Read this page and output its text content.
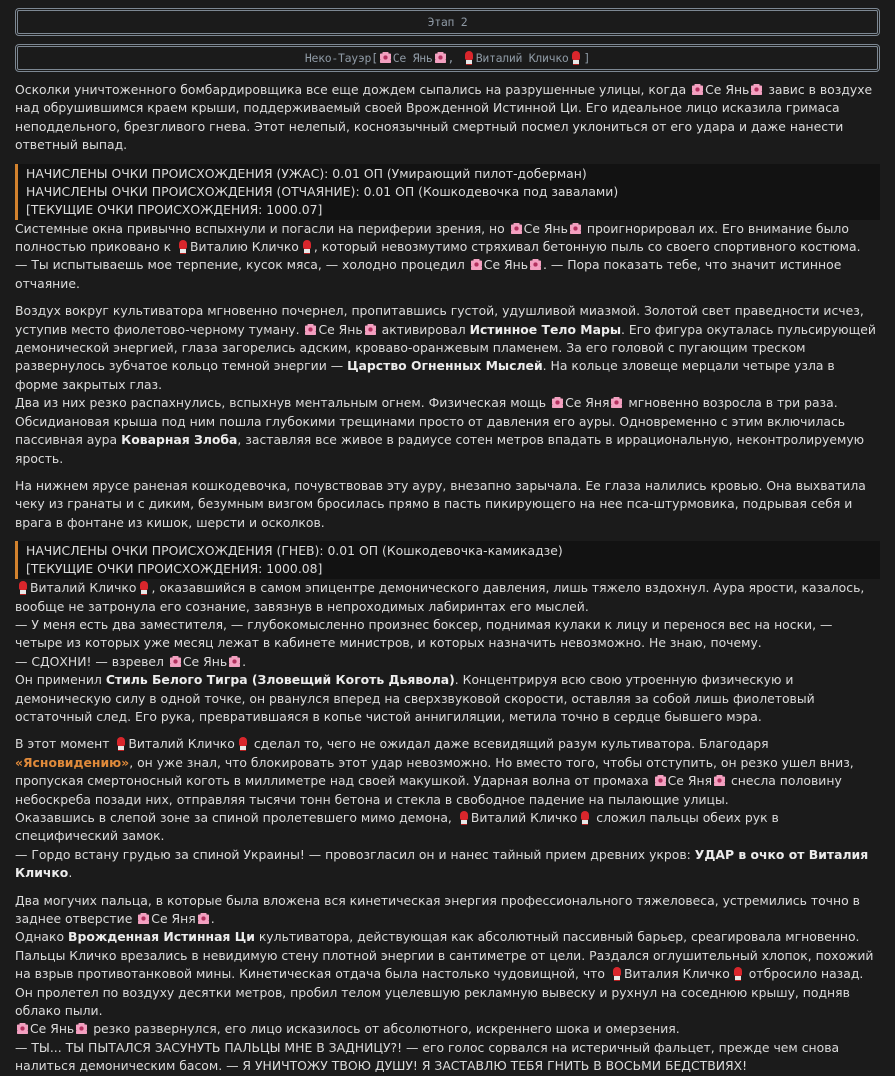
Этап 2
Неко-Тауэр[ Се Янь , Виталий Кличко ]

Осколки уничтоженного бомбардировщика все еще дождем сыпались на разрушенные улицы, когда Се Янь завис в воздухе над обрушившимся краем крыши, поддерживаемый своей Врожденной Истинной Ци. Его идеальное лицо исказила гримаса неподдельного, брезгливого гнева. Этот нелепый, косноязычный смертный посмел уклониться от его удара и даже нанести ответный выпад.

НАЧИСЛЕНЫ ОЧКИ ПРОИСХОЖДЕНИЯ (УЖАС): 0.01 ОП (Умирающий пилот-доберман)
НАЧИСЛЕНЫ ОЧКИ ПРОИСХОЖДЕНИЯ (ОТЧАЯНИЕ): 0.01 ОП (Кошкодевочка под завалами)
[ТЕКУЩИЕ ОЧКИ ПРОИСХОЖДЕНИЯ: 1000.07]

Системные окна привычно вспыхнули и погасли на периферии зрения, но Се Янь проигнорировал их. Его внимание было полностью приковано к Виталию Кличко , который невозмутимо стряхивал бетонную пыль со своего спортивного костюма.
— Ты испытываешь мое терпение, кусок мяса, — холодно процедил Се Янь . — Пора показать тебе, что значит истинное отчаяние.

Воздух вокруг культиватора мгновенно почернел, пропитавшись густой, удушливой миазмой. Золотой свет праведности исчез, уступив место фиолетово-черному туману. Се Янь активировал Истинное Тело Мары. Его фигура окуталась пульсирующей демонической энергией, глаза загорелись адским, кроваво-оранжевым пламенем. За его головой с пугающим треском развернулось зубчатое кольцо темной энергии — Царство Огненных Мыслей. На кольце зловеще мерцали четыре узла в форме закрытых глаз.
Два из них резко распахнулись, вспыхнув ментальным огнем. Физическая мощь Се Яня мгновенно возросла в три раза. Обсидиановая крыша под ним пошла глубокими трещинами просто от давления его ауры. Одновременно с этим включилась пассивная аура Коварная Злоба, заставляя все живое в радиусе сотен метров впадать в иррациональную, неконтролируемую ярость.

На нижнем ярусе раненая кошкодевочка, почувствовав эту ауру, внезапно зарычала. Ее глаза налились кровью. Она выхватила чеку из гранаты и с диким, безумным визгом бросилась прямо в пасть пикирующего на нее пса-штурмовика, подрывая себя и врага в фонтане из кишок, шерсти и осколков.

НАЧИСЛЕНЫ ОЧКИ ПРОИСХОЖДЕНИЯ (ГНЕВ): 0.01 ОП (Кошкодевочка-камикадзе)
[ТЕКУЩИЕ ОЧКИ ПРОИСХОЖДЕНИЯ: 1000.08]

Виталий Кличко , оказавшийся в самом эпицентре демонического давления, лишь тяжело вздохнул. Аура ярости, казалось, вообще не затронула его сознание, завязнув в непроходимых лабиринтах его мыслей.
— У меня есть два заместителя, — глубокомысленно произнес боксер, поднимая кулаки к лицу и перенося вес на носки, — четыре из которых уже месяц лежат в кабинете министров, и которых назначить невозможно. Не знаю, почему.
— СДОХНИ! — взревел Се Янь .
Он применил Стиль Белого Тигра (Зловещий Коготь Дьявола). Концентрируя всю свою утроенную физическую и демоническую силу в одной точке, он рванулся вперед на сверхзвуковой скорости, оставляя за собой лишь фиолетовый остаточный след. Его рука, превратившаяся в копье чистой аннигиляции, метила точно в сердце бывшего мэра.

В этот момент Виталий Кличко сделал то, чего не ожидал даже всевидящий разум культиватора. Благодаря «Ясновидению», он уже знал, что блокировать этот удар невозможно. Но вместо того, чтобы отступить, он резко ушел вниз, пропуская смертоносный коготь в миллиметре над своей макушкой. Ударная волна от промаха Се Яня снесла половину небоскреба позади них, отправляя тысячи тонн бетона и стекла в свободное падение на пылающие улицы.
Оказавшись в слепой зоне за спиной пролетевшего мимо демона, Виталий Кличко сложил пальцы обеих рук в специфический замок.
— Гордо встану грудью за спиной Украины! — провозгласил он и нанес тайный прием древних укров: УДАР в очко от Виталия Кличко.

Два могучих пальца, в которые была вложена вся кинетическая энергия профессионального тяжеловеса, устремились точно в заднее отверстие Се Яня .
Однако Врожденная Истинная Ци культиватора, действующая как абсолютный пассивный барьер, среагировала мгновенно. Пальцы Кличко врезались в невидимую стену плотной энергии в сантиметре от цели. Раздался оглушительный хлопок, похожий на взрыв противотанковой мины. Кинетическая отдача была настолько чудовищной, что Виталия Кличко отбросило назад. Он пролетел по воздуху десятки метров, пробил телом уцелевшую рекламную вывеску и рухнул на соседнюю крышу, подняв облако пыли.
Се Янь резко развернулся, его лицо исказилось от абсолютного, искреннего шока и омерзения.
— ТЫ... ТЫ ПЫТАЛСЯ ЗАСУНУТЬ ПАЛЬЦЫ МНЕ В ЗАДНИЦУ?! — его голос сорвался на истеричный фальцет, прежде чем снова налиться демоническим басом. — Я УНИЧТОЖУ ТВОЮ ДУШУ! Я ЗАСТАВЛЮ ТЕБЯ ГНИТЬ В ВОСЬМИ БЕДСТВИЯХ!
